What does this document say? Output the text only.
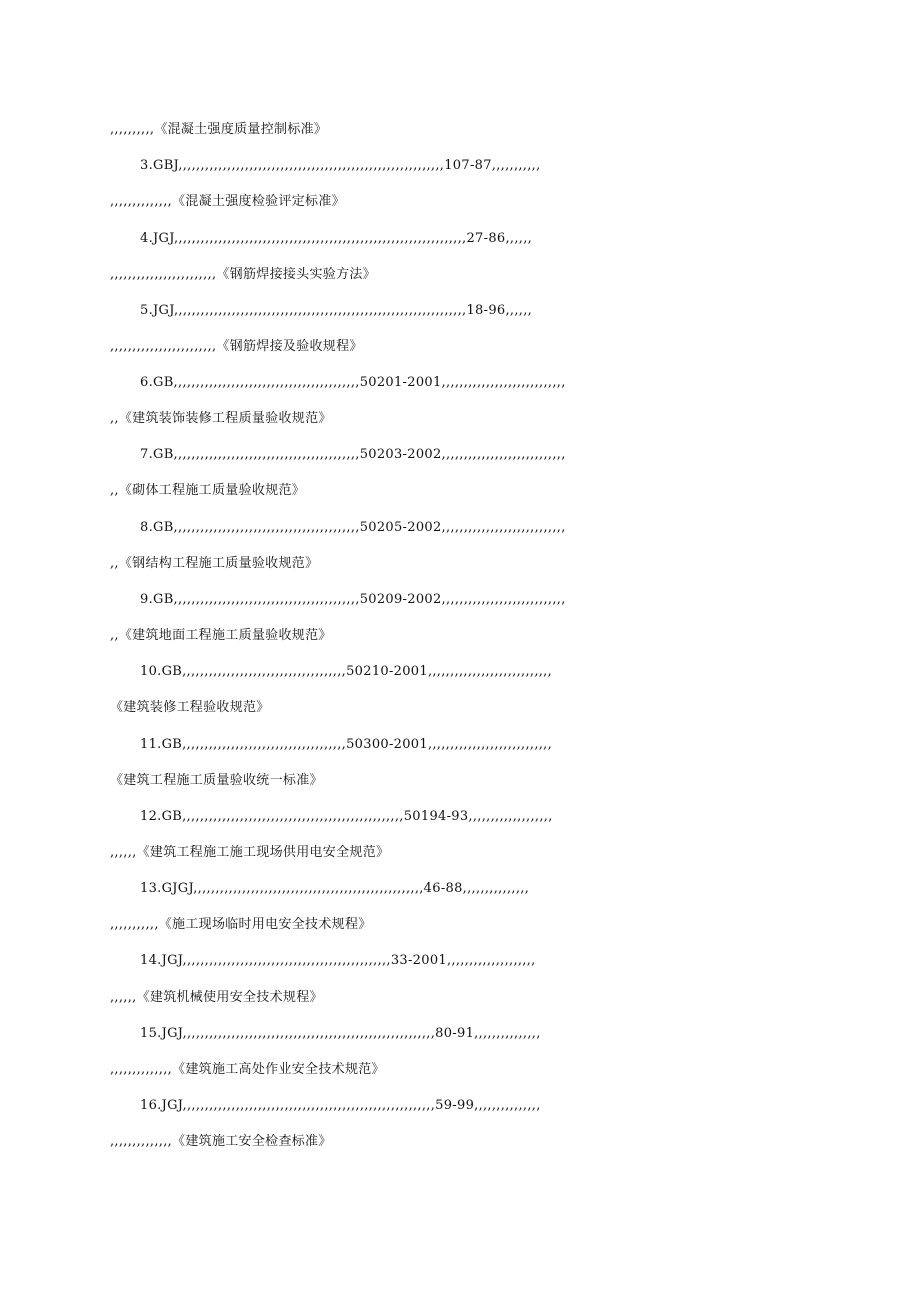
,,,,,,,,,,《混凝土强度质量控制标准》
3.GBJ,,,,,,,,,,,,,,,,,,,,,,,,,,,,,,,,,,,,,,,,,,,,,,,,,,,,,,,,,,,,107-87,,,,,,,,,,,
,,,,,,,,,,,,,,《混凝土强度检验评定标准》
4.JGJ,,,,,,,,,,,,,,,,,,,,,,,,,,,,,,,,,,,,,,,,,,,,,,,,,,,,,,,,,,,,,,,,,,27-86,,,,,,
,,,,,,,,,,,,,,,,,,,,,,,,《钢筋焊接接头实验方法》
5.JGJ,,,,,,,,,,,,,,,,,,,,,,,,,,,,,,,,,,,,,,,,,,,,,,,,,,,,,,,,,,,,,,,,,,18-96,,,,,,
,,,,,,,,,,,,,,,,,,,,,,,,《钢筋焊接及验收规程》
6.GB,,,,,,,,,,,,,,,,,,,,,,,,,,,,,,,,,,,,,,,,,,50201-2001,,,,,,,,,,,,,,,,,,,,,,,,,,,,
,,《建筑装饰装修工程质量验收规范》
7.GB,,,,,,,,,,,,,,,,,,,,,,,,,,,,,,,,,,,,,,,,,,50203-2002,,,,,,,,,,,,,,,,,,,,,,,,,,,,
,,《砌体工程施工质量验收规范》
8.GB,,,,,,,,,,,,,,,,,,,,,,,,,,,,,,,,,,,,,,,,,,50205-2002,,,,,,,,,,,,,,,,,,,,,,,,,,,,
,,《钢结构工程施工质量验收规范》
9.GB,,,,,,,,,,,,,,,,,,,,,,,,,,,,,,,,,,,,,,,,,,50209-2002,,,,,,,,,,,,,,,,,,,,,,,,,,,,
,,《建筑地面工程施工质量验收规范》
10.GB,,,,,,,,,,,,,,,,,,,,,,,,,,,,,,,,,,,,,50210-2001,,,,,,,,,,,,,,,,,,,,,,,,,,,,
《建筑装修工程验收规范》
11.GB,,,,,,,,,,,,,,,,,,,,,,,,,,,,,,,,,,,,,50300-2001,,,,,,,,,,,,,,,,,,,,,,,,,,,,
《建筑工程施工质量验收统一标准》
12.GB,,,,,,,,,,,,,,,,,,,,,,,,,,,,,,,,,,,,,,,,,,,,,,,,,,50194-93,,,,,,,,,,,,,,,,,,,
,,,,,,《建筑工程施工施工现场供用电安全规范》
13.GJGJ,,,,,,,,,,,,,,,,,,,,,,,,,,,,,,,,,,,,,,,,,,,,,,,,,,,,46-88,,,,,,,,,,,,,,,
,,,,,,,,,,,《施工现场临时用电安全技术规程》
14.JGJ,,,,,,,,,,,,,,,,,,,,,,,,,,,,,,,,,,,,,,,,,,,,,,,33-2001,,,,,,,,,,,,,,,,,,,,
,,,,,,《建筑机械使用安全技术规程》
15.JGJ,,,,,,,,,,,,,,,,,,,,,,,,,,,,,,,,,,,,,,,,,,,,,,,,,,,,,,,,,80-91,,,,,,,,,,,,,,,
,,,,,,,,,,,,,,《建筑施工高处作业安全技术规范》
16.JGJ,,,,,,,,,,,,,,,,,,,,,,,,,,,,,,,,,,,,,,,,,,,,,,,,,,,,,,,,,59-99,,,,,,,,,,,,,,,
,,,,,,,,,,,,,,《建筑施工安全检查标准》
